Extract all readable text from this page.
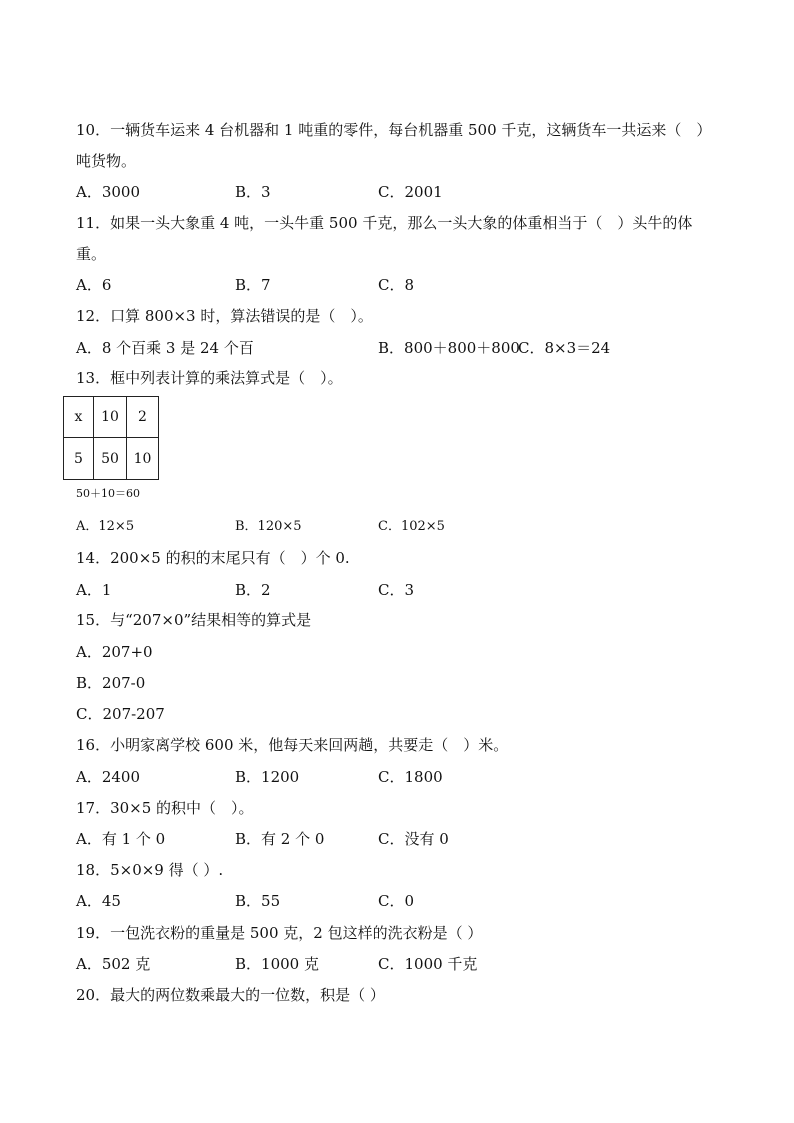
10．一辆货车运来 4 台机器和 1 吨重的零件，每台机器重 500 千克，这辆货车一共运来（　）
吨货物。
A．3000	B．3	C．2001
11．如果一头大象重 4 吨，一头牛重 500 千克，那么一头大象的体重相当于（　）头牛的体
重。
A．6	B．7	C．8
12．口算 800×3 时，算法错误的是（　）。
A．8 个百乘 3 是 24 个百	B．800＋800＋800
C．8×3＝24
13．框中列表计算的乘法算式是（　）。
x	10	2
5	50	10
50＋10＝60
A．12×5	B．120×5	C．102×5
14．200×5 的积的末尾只有（　）个 0.
A．1	B．2	C．3
15．与“207×0”结果相等的算式是
A．207+0
B．207-0
C．207-207
16．小明家离学校 600 米，他每天来回两趟，共要走（　）米。
A．2400	B．1200	C．1800
17．30×5 的积中（　）。
A．有 1 个 0	B．有 2 个 0	C．没有 0
18．5×0×9 得（ ）.
A．45	B．55	C．0
19．一包洗衣粉的重量是 500 克，2 包这样的洗衣粉是（ ）
A．502 克	B．1000 克	C．1000 千克
20．最大的两位数乘最大的一位数，积是（ ）
